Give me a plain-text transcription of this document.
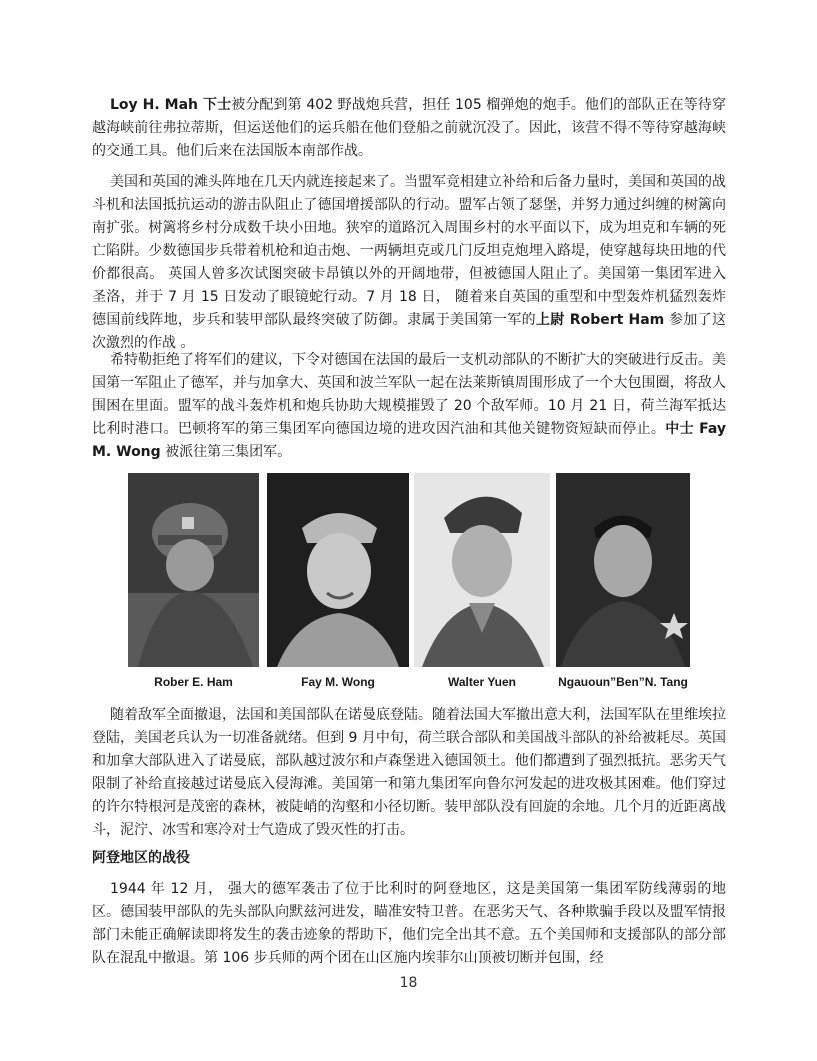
Loy H. Mah 下士被分配到第 402 野战炮兵营，担任 105 榴弹炮的炮手。他们的部队正在等待穿越海峡前往弗拉蒂斯，但运送他们的运兵船在他们登船之前就沉没了。因此，该营不得不等待穿越海峡的交通工具。他们后来在法国版本南部作战。

美国和英国的滩头阵地在几天内就连接起来了。当盟军竞相建立补给和后备力量时，美国和英国的战斗机和法国抵抗运动的游击队阻止了德国增援部队的行动。盟军占领了瑟堡，并努力通过纠缠的树篱向南扩张。树篱将乡村分成数千块小田地。狭窄的道路沉入周围乡村的水平面以下，成为坦克和车辆的死亡陷阱。少数德国步兵带着机枪和迫击炮、一两辆坦克或几门反坦克炮埋入路堤，使穿越每块田地的代价都很高。 英国人曾多次试图突破卡昂镇以外的开阔地带，但被德国人阻止了。美国第一集团军进入圣洛，并于 7 月 15 日发动了眼镜蛇行动。7 月 18 日， 随着来自英国的重型和中型轰炸机猛烈轰炸德国前线阵地，步兵和装甲部队最终突破了防御。隶属于美国第一军的上尉 Robert Ham 参加了这次激烈的作战 。

希特勒拒绝了将军们的建议，下令对德国在法国的最后一支机动部队的不断扩大的突破进行反击。美国第一军阻止了德军，并与加拿大、英国和波兰军队一起在法莱斯镇周围形成了一个大包围圈，将敌人围困在里面。盟军的战斗轰炸机和炮兵协助大规模摧毁了 20 个敌军师。10 月 21 日，荷兰海军抵达比利时港口。巴顿将军的第三集团军向德国边境的进攻因汽油和其他关键物资短缺而停止。中士 Fay M. Wong 被派往第三集团军。

Rober E. Ham	Fay M. Wong	Walter Yuen	Ngauoun”Ben”N. Tang

随着敌军全面撤退，法国和美国部队在诺曼底登陆。随着法国大军撤出意大利，法国军队在里维埃拉登陆，美国老兵认为一切准备就绪。但到 9 月中旬，荷兰联合部队和美国战斗部队的补给被耗尽。英国和加拿大部队进入了诺曼底，部队越过波尔和卢森堡进入德国领土。他们都遭到了强烈抵抗。恶劣天气限制了补给直接越过诺曼底入侵海滩。美国第一和第九集团军向鲁尔河发起的进攻极其困难。他们穿过的许尔特根河是茂密的森林，被陡峭的沟壑和小径切断。装甲部队没有回旋的余地。几个月的近距离战斗，泥泞、冰雪和寒冷对士气造成了毁灭性的打击。

阿登地区的战役

1944 年 12 月， 强大的德军袭击了位于比利时的阿登地区，这是美国第一集团军防线薄弱的地区。德国装甲部队的先头部队向默兹河进发，瞄准安特卫普。在恶劣天气、各种欺骗手段以及盟军情报部门未能正确解读即将发生的袭击迹象的帮助下，他们完全出其不意。五个美国师和支援部队的部分部队在混乱中撤退。第 106 步兵师的两个团在山区施内埃菲尔山顶被切断并包围，经

18
